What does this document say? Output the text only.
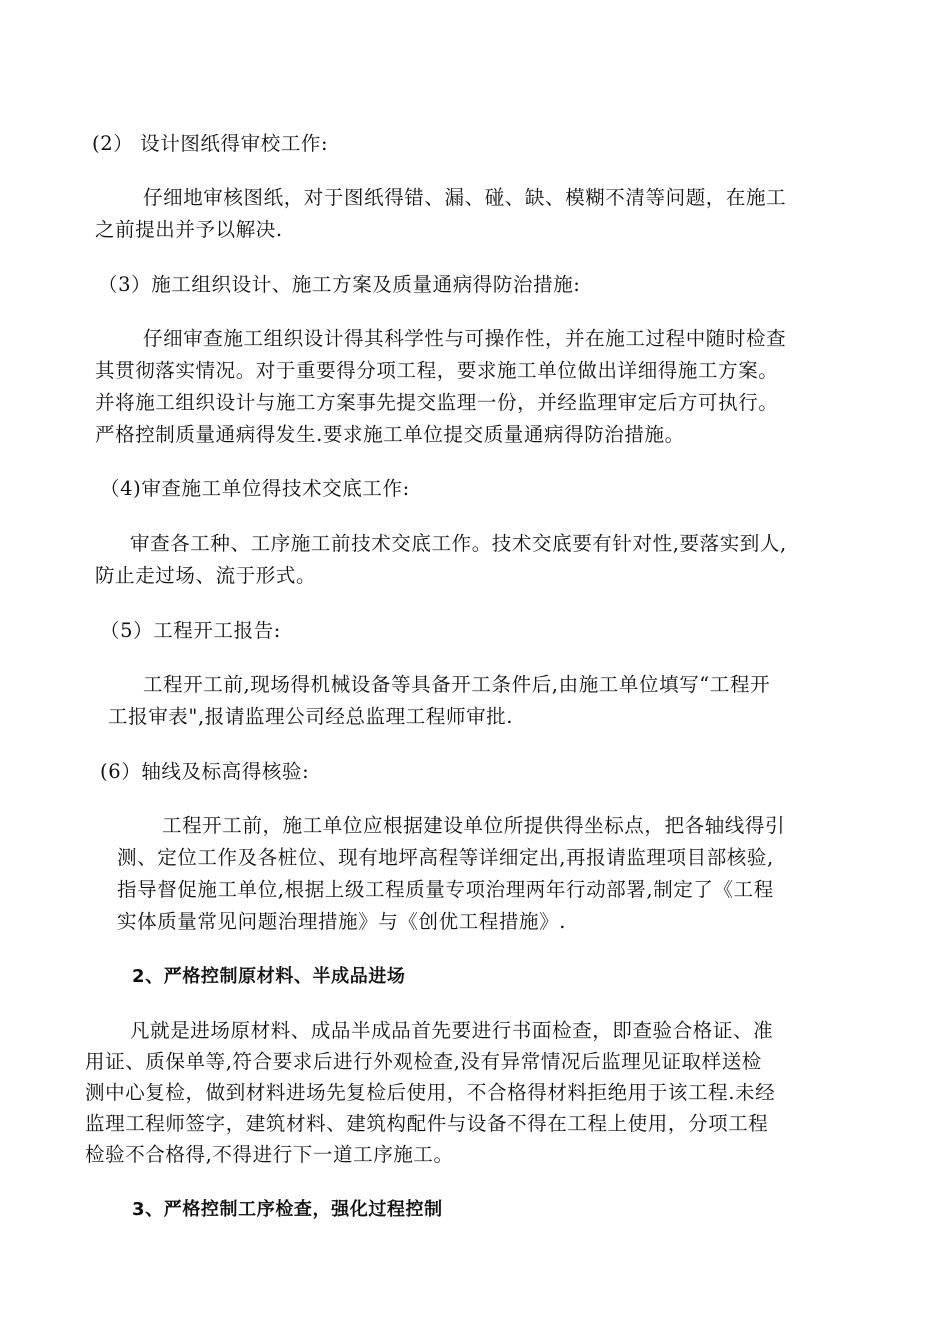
(2） 设计图纸得审校工作:
仔细地审核图纸，对于图纸得错、漏、碰、缺、模糊不清等问题，在施工
之前提出并予以解决.
（3）施工组织设计、施工方案及质量通病得防治措施:
仔细审查施工组织设计得其科学性与可操作性，并在施工过程中随时检查
其贯彻落实情况。对于重要得分项工程，要求施工单位做出详细得施工方案。
并将施工组织设计与施工方案事先提交监理一份，并经监理审定后方可执行。
严格控制质量通病得发生.要求施工单位提交质量通病得防治措施。
（4)审查施工单位得技术交底工作:
审查各工种、工序施工前技术交底工作。技术交底要有针对性,要落实到人,
防止走过场、流于形式。
（5）工程开工报告:
工程开工前,现场得机械设备等具备开工条件后,由施工单位填写“工程开
工报审表",报请监理公司经总监理工程师审批.
(6）轴线及标高得核验:
工程开工前，施工单位应根据建设单位所提供得坐标点，把各轴线得引
测、定位工作及各桩位、现有地坪高程等详细定出,再报请监理项目部核验,
指导督促施工单位,根据上级工程质量专项治理两年行动部署,制定了《工程
实体质量常见问题治理措施》与《创优工程措施》.
2、严格控制原材料、半成品进场
凡就是进场原材料、成品半成品首先要进行书面检查，即查验合格证、准
用证、质保单等,符合要求后进行外观检查,没有异常情况后监理见证取样送检
测中心复检，做到材料进场先复检后使用，不合格得材料拒绝用于该工程.未经
监理工程师签字，建筑材料、建筑构配件与设备不得在工程上使用，分项工程
检验不合格得,不得进行下一道工序施工。
3、严格控制工序检查，强化过程控制
